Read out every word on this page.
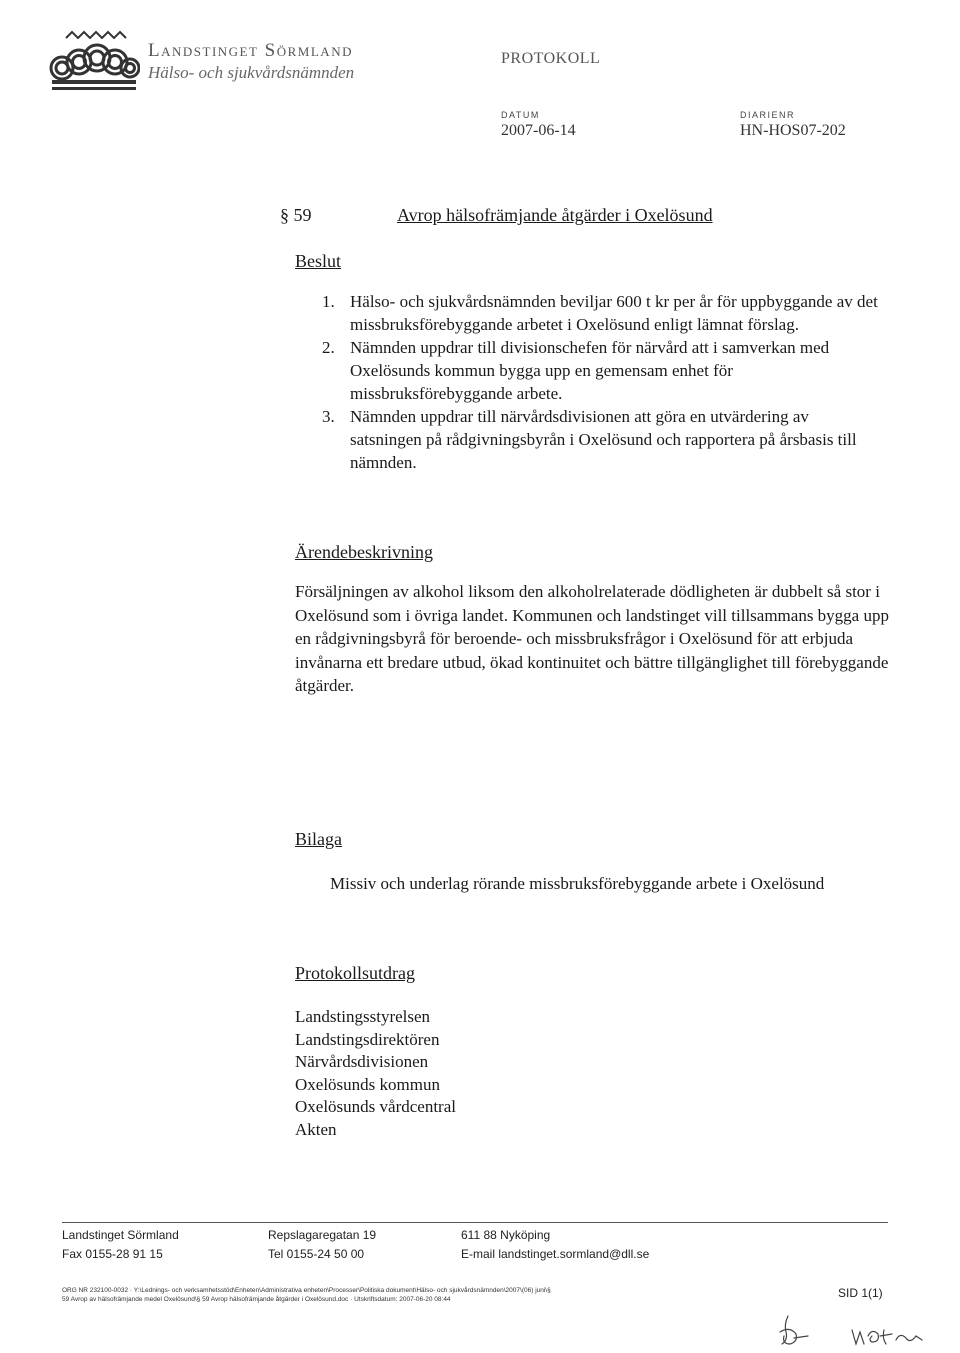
Landstinget Sörmland
Hälso- och sjukvårdsnämnden
PROTOKOLL
DATUM
2007-06-14
DIARIENR
HN-HOS07-202
§ 59	Avrop hälsofrämjande åtgärder i Oxelösund
Beslut
1. Hälso- och sjukvårdsnämnden beviljar 600 t kr per år för uppbyggande av det missbruksförebyggande arbetet i Oxelösund enligt lämnat förslag.
2. Nämnden uppdrar till divisionschefen för närvård att i samverkan med Oxelösunds kommun bygga upp en gemensam enhet för missbruksförebyggande arbete.
3. Nämnden uppdrar till närvårdsdivisionen att göra en utvärdering av satsningen på rådgivningsbyrån i Oxelösund och rapportera på årsbasis till nämnden.
Ärendebeskrivning

Försäljningen av alkohol liksom den alkoholrelaterade dödligheten är dubbelt så stor i Oxelösund som i övriga landet. Kommunen och landstinget vill tillsammans bygga upp en rådgivningsbyrå för beroende- och missbruksfrågor i Oxelösund för att erbjuda invånarna ett bredare utbud, ökad kontinuitet och bättre tillgänglighet till förebyggande åtgärder.

Bilaga

Missiv och underlag rörande missbruksförebyggande arbete i Oxelösund

Protokollsutdrag
Landstingsstyrelsen
Landstingsdirektören
Närvårdsdivisionen
Oxelösunds kommun
Oxelösunds vårdcentral
Akten
Landstinget Sörmland
Fax 0155-28 91 15
Repslagaregatan 19
Tel 0155-24 50 00
611 88 Nyköping
E-mail landstinget.sormland@dll.se
ORG NR 232100-0032 · Y:\Lednings- och verksamhetsstöd\Enheten\Administrativa enheten\Processer\Politiska dokument\Hälso- och sjukvårdsnämnden\2007\(06) juni\§
59 Avrop av hälsofrämjande medel Oxelösund\§ 59 Avrop hälsofrämjande åtgärder i Oxelösund.doc · Utskriftsdatum: 2007-06-20 08:44	SID 1(1)
